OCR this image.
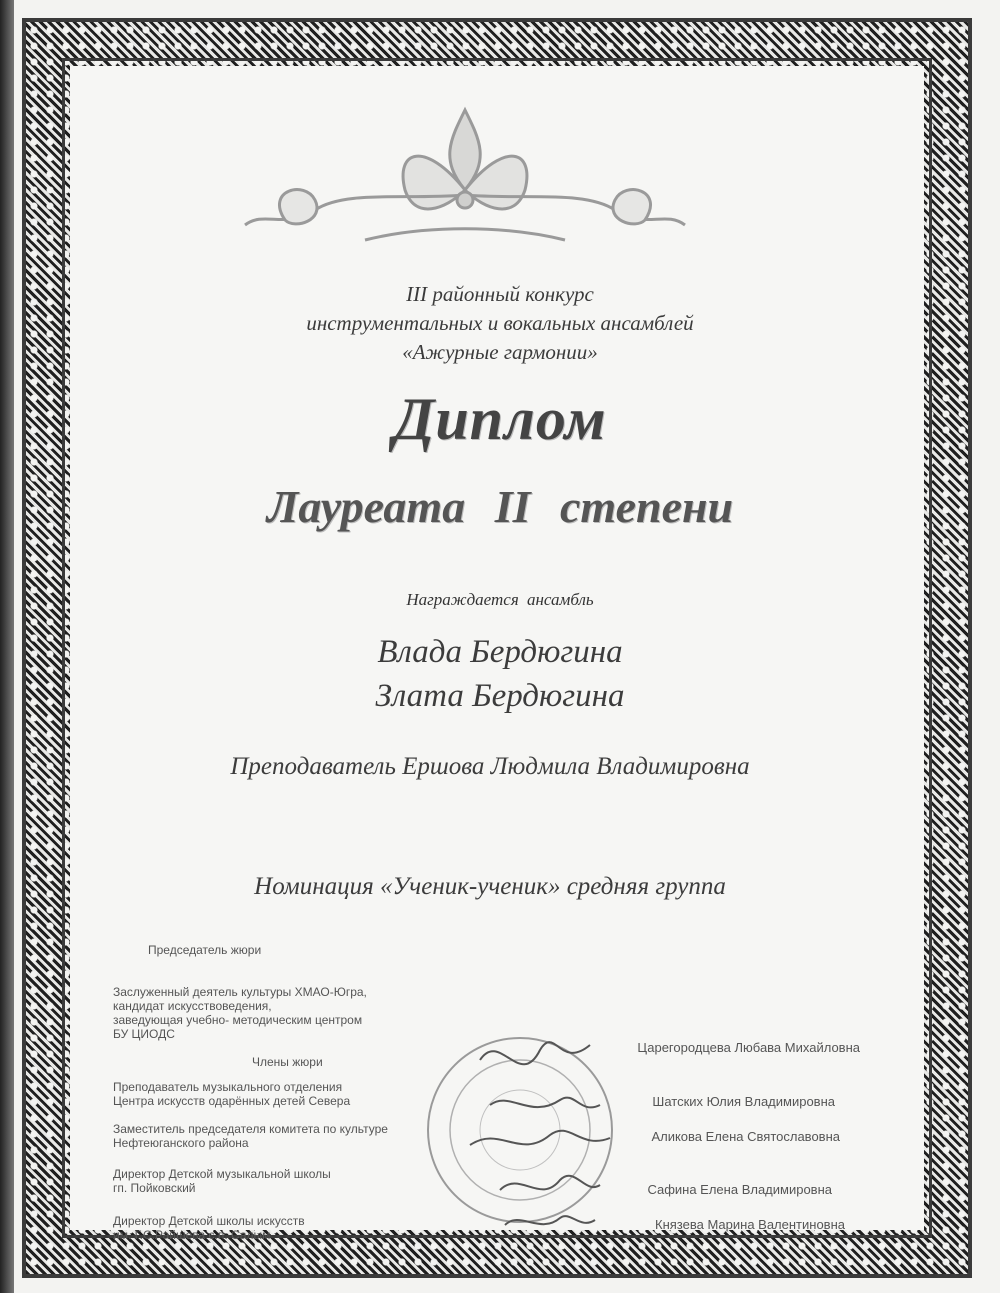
III районный конкурс
инструментальных и вокальных ансамблей
«Ажурные гармонии»
Диплом
Лауреата II степени
Награждается ансамбль
Влада Бердюгина
Злата Бердюгина
Преподаватель Ершова Людмила Владимировна
Номинация «Ученик-ученик» средняя группа
Председатель жюри
Заслуженный деятель культуры ХМАО-Югра,
кандидат искусствоведения,
заведующая учебно- методическим центром
БУ ЦИОДС
Члены жюри
Преподаватель музыкального отделения
Центра искусств одарённых детей Севера
Заместитель председателя комитета по культуре
Нефтеюганского района
Директор Детской музыкальной школы
гп. Пойковский
Директор Детской школы искусств
им. Г.С.Райшева с.п. Салым
Царегородцева Любава Михайловна
Шатских Юлия Владимировна
Аликова Елена Святославовна
Сафина Елена Владимировна
Князева Марина Валентиновна
